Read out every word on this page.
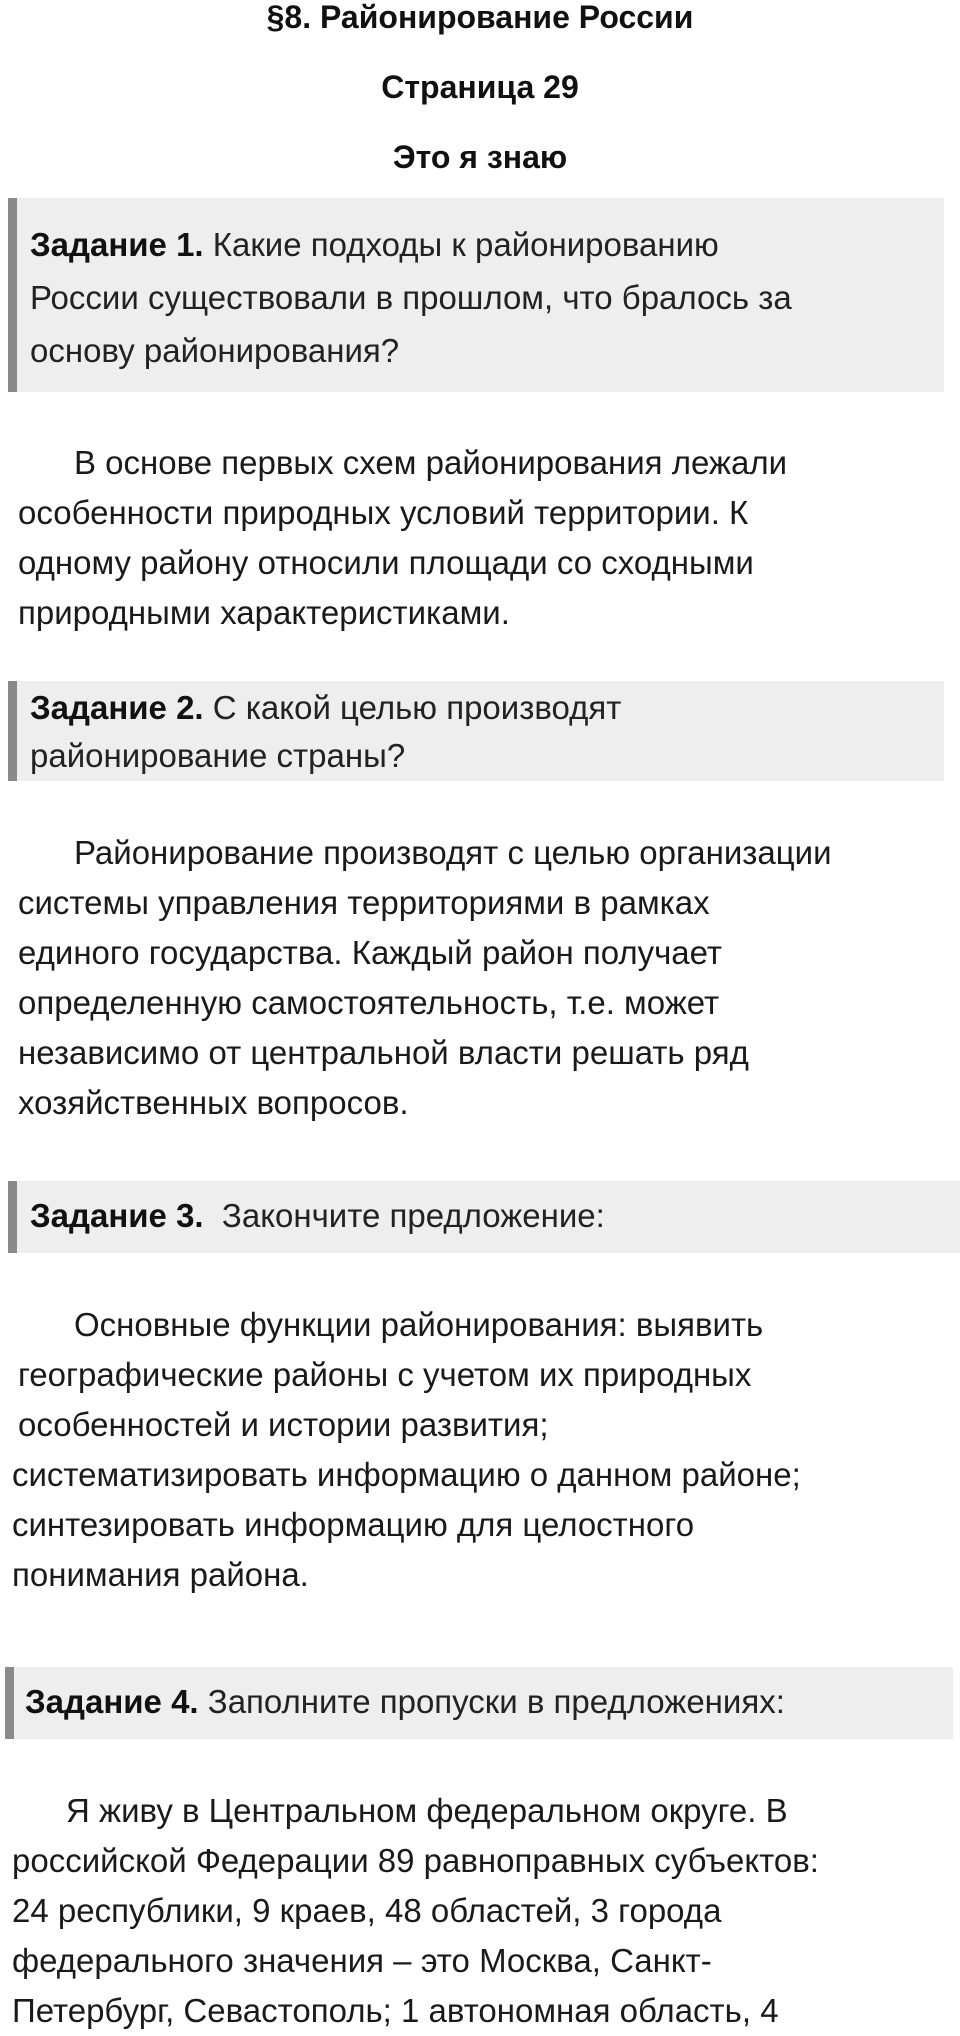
§8. Районирование России
Страница 29
Это я знаю
Задание 1. Какие подходы к районированию
России существовали в прошлом, что бралось за
основу районирования?
В основе первых схем районирования лежали
особенности природных условий территории. К
одному району относили площади со сходными
природными характеристиками.
Задание 2. С какой целью производят
районирование страны?
Районирование производят с целью организации
системы управления территориями в рамках
единого государства. Каждый район получает
определенную самостоятельность, т.е. может
независимо от центральной власти решать ряд
хозяйственных вопросов.
Задание 3.  Закончите предложение:
Основные функции районирования: выявить
географические районы с учетом их природных
особенностей и истории развития;
систематизировать информацию о данном районе;
синтезировать информацию для целостного
понимания района.
Задание 4. Заполните пропуски в предложениях:
Я живу в Центральном федеральном округе. В
российской Федерации 89 равноправных субъектов:
24 республики, 9 краев, 48 областей, 3 города
федерального значения – это Москва, Санкт-
Петербург, Севастополь; 1 автономная область, 4
